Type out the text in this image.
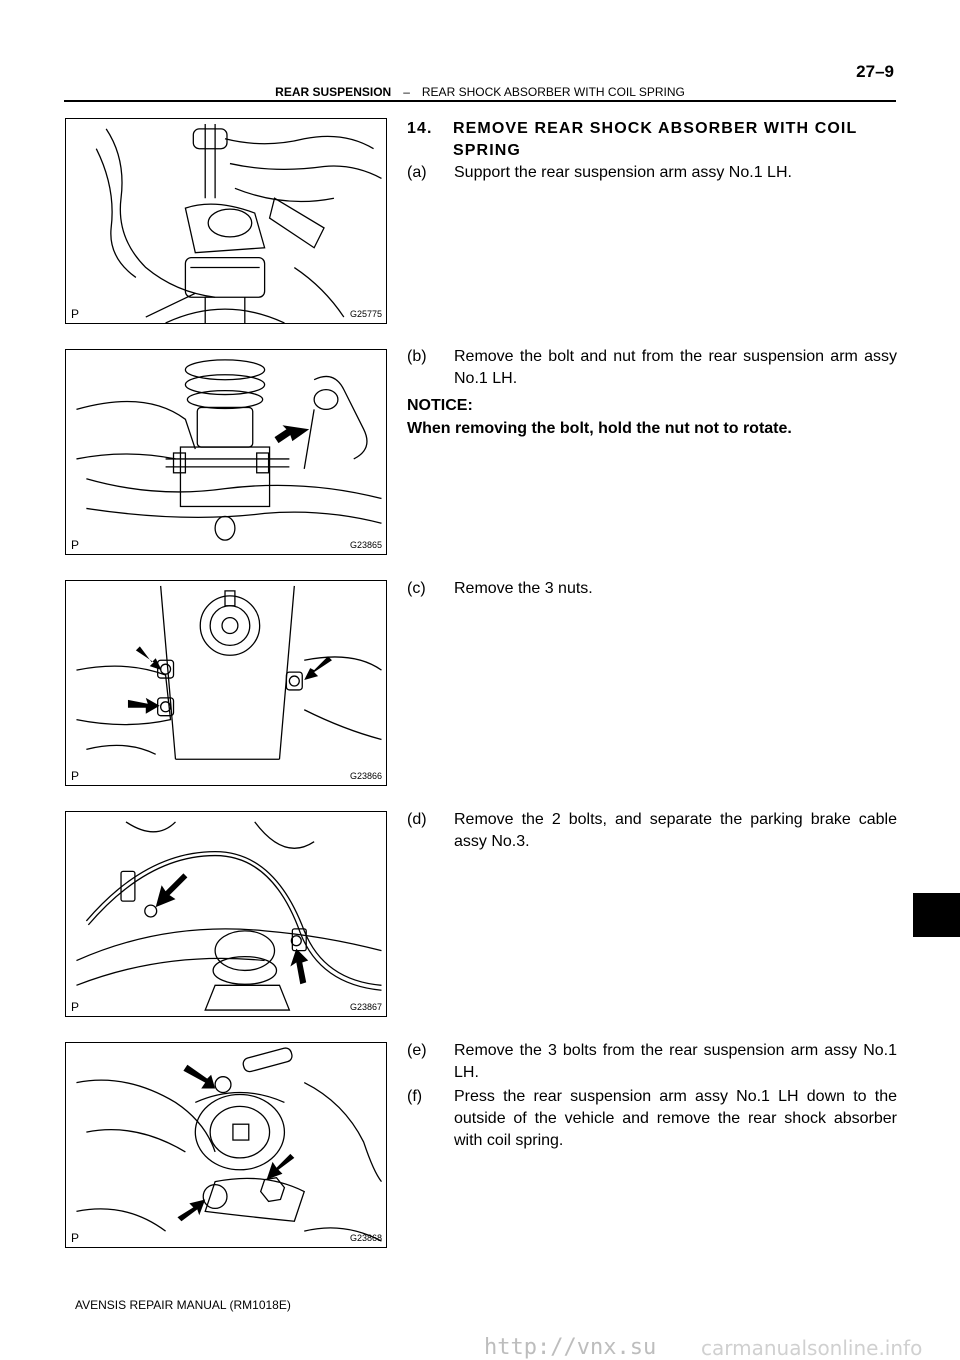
27–9
REAR SUSPENSION – REAR SHOCK ABSORBER WITH COIL SPRING
P	G25775
P	G23865
P	G23866
P	G23867
P	G23868
14. REMOVE REAR SHOCK ABSORBER WITH COIL
SPRING
(a)	Support the rear suspension arm assy No.1 LH.
(b)	Remove the bolt and nut from the rear suspension arm assy No.1 LH.
NOTICE:
When removing the bolt, hold the nut not to rotate.
(c)	Remove the 3 nuts.
(d)	Remove the 2 bolts, and separate the parking brake cable assy No.3.
(e)	Remove the 3 bolts from the rear suspension arm assy No.1 LH.
(f)	Press the rear suspension arm assy No.1 LH down to the outside of the vehicle and remove the rear shock absorber with coil spring.
AVENSIS REPAIR MANUAL (RM1018E)
http://vnx.su carmanualsonline.info
